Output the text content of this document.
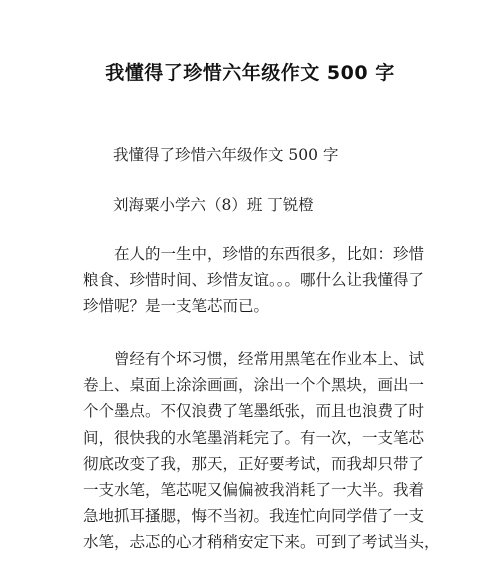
我懂得了珍惜六年级作文 500 字
我懂得了珍惜六年级作文 500 字
刘海粟小学六（8）班 丁锐橙
在人的一生中，珍惜的东西很多，比如：珍惜
粮食、珍惜时间、珍惜友谊。。。哪什么让我懂得了
珍惜呢？是一支笔芯而已。
曾经有个坏习惯，经常用黑笔在作业本上、试
卷上、桌面上涂涂画画，涂出一个个黑块，画出一
个个墨点。不仅浪费了笔墨纸张，而且也浪费了时
间，很快我的水笔墨消耗完了。有一次，一支笔芯
彻底改变了我，那天，正好要考试，而我却只带了
一支水笔，笔芯呢又偏偏被我消耗了一大半。我着
急地抓耳搔腮，悔不当初。我连忙向同学借了一支
水笔，忐忑的心才稍稍安定下来。可到了考试当头，
